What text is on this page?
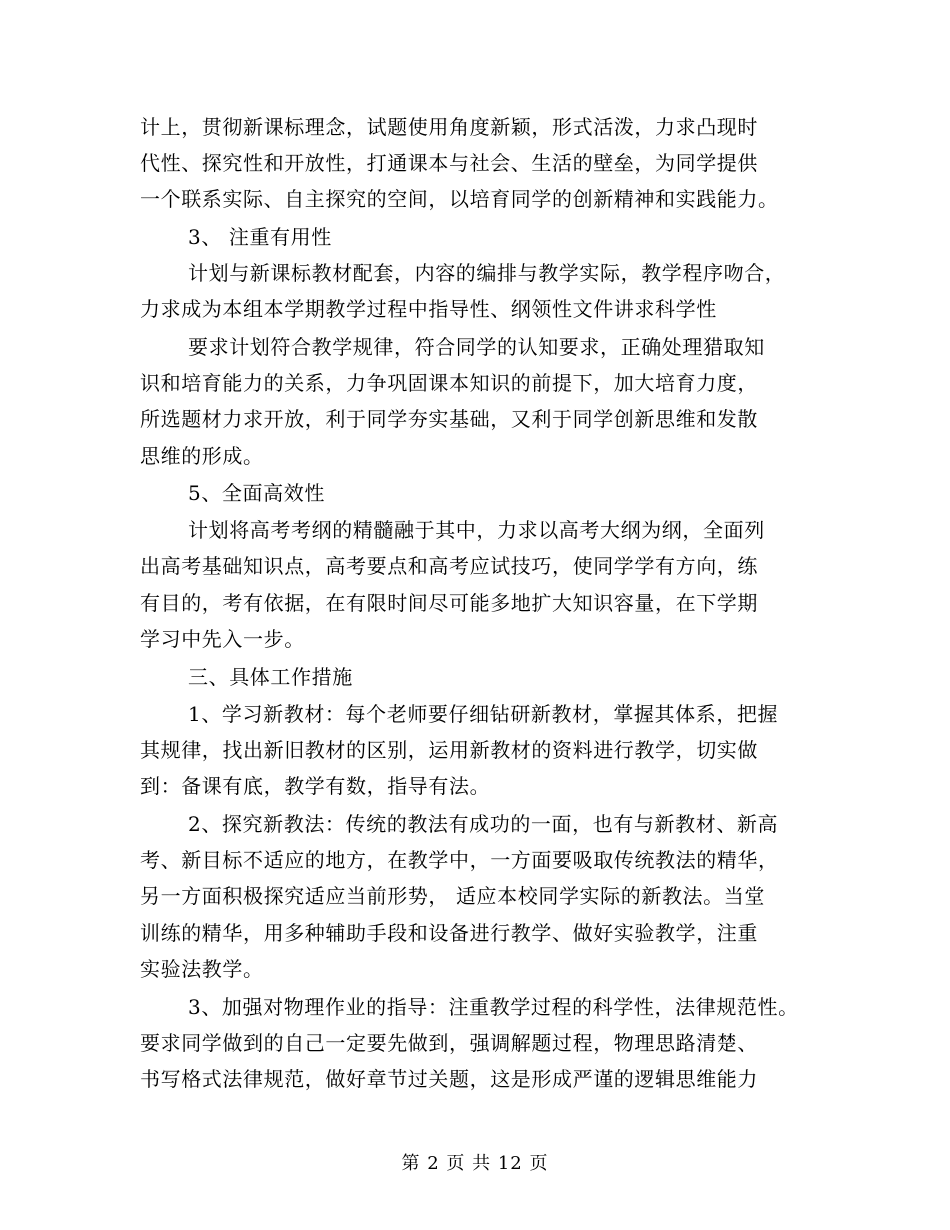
计上，贯彻新课标理念，试题使用角度新颖，形式活泼，力求凸现时
代性、探究性和开放性，打通课本与社会、生活的壁垒，为同学提供
一个联系实际、自主探究的空间，以培育同学的创新精神和实践能力。
3、 注重有用性
计划与新课标教材配套，内容的编排与教学实际，教学程序吻合，
力求成为本组本学期教学过程中指导性、纲领性文件讲求科学性
要求计划符合教学规律，符合同学的认知要求，正确处理猎取知
识和培育能力的关系，力争巩固课本知识的前提下，加大培育力度，
所选题材力求开放，利于同学夯实基础，又利于同学创新思维和发散
思维的形成。
5、全面高效性
计划将高考考纲的精髓融于其中，力求以高考大纲为纲，全面列
出高考基础知识点，高考要点和高考应试技巧，使同学学有方向，练
有目的，考有依据，在有限时间尽可能多地扩大知识容量，在下学期
学习中先入一步。
三、具体工作措施
1、学习新教材：每个老师要仔细钻研新教材，掌握其体系，把握
其规律，找出新旧教材的区别，运用新教材的资料进行教学，切实做
到：备课有底，教学有数，指导有法。
2、探究新教法：传统的教法有成功的一面，也有与新教材、新高
考、新目标不适应的地方，在教学中，一方面要吸取传统教法的精华，
另一方面积极探究适应当前形势， 适应本校同学实际的新教法。当堂
训练的精华，用多种辅助手段和设备进行教学、做好实验教学，注重
实验法教学。
3、加强对物理作业的指导：注重教学过程的科学性，法律规范性。
要求同学做到的自己一定要先做到，强调解题过程，物理思路清楚、
书写格式法律规范，做好章节过关题，这是形成严谨的逻辑思维能力
第 2 页 共 12 页
